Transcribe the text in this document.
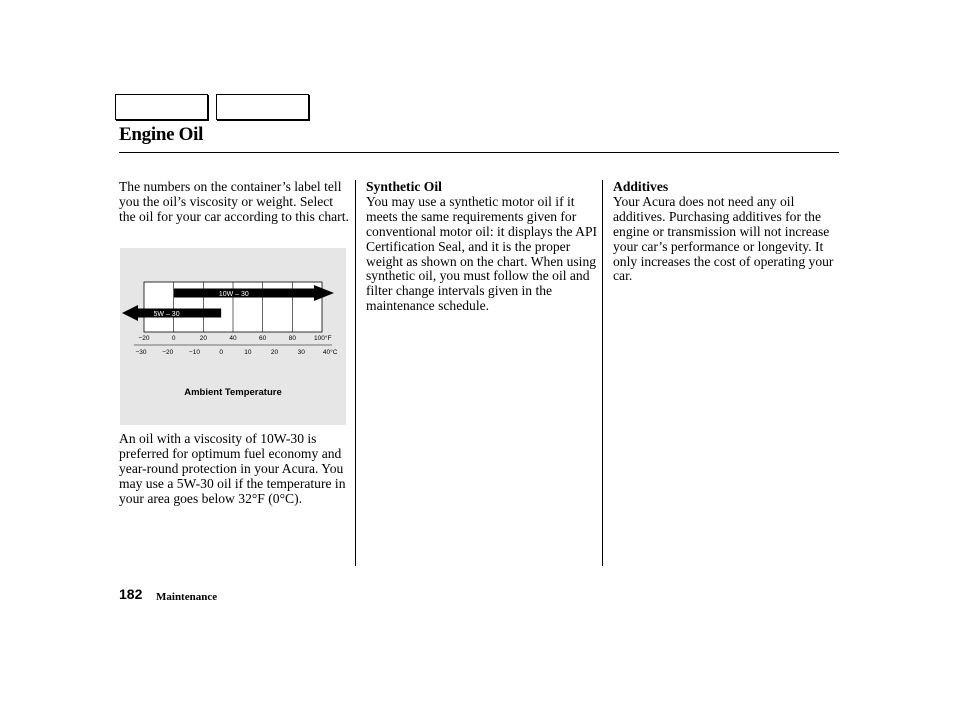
Engine Oil
The numbers on the container’s label tell you the oil’s viscosity or weight. Select the oil for your car according to this chart.
10W – 30
5W – 30
−20	0	20	40	60	80	100°F
−30 −20 −10	0	10	20	30	40°C
Ambient Temperature
An oil with a viscosity of 10W-30 is preferred for optimum fuel economy and year-round protection in your Acura. You may use a 5W-30 oil if the temperature in your area goes below 32°F (0°C).
Synthetic Oil
You may use a synthetic motor oil if it meets the same requirements given for conventional motor oil: it displays the API Certification Seal, and it is the proper weight as shown on the chart. When using synthetic oil, you must follow the oil and filter change intervals given in the maintenance schedule.
Additives
Your Acura does not need any oil additives. Purchasing additives for the engine or transmission will not increase your car’s performance or longevity. It only increases the cost of operating your car.
182 Maintenance
